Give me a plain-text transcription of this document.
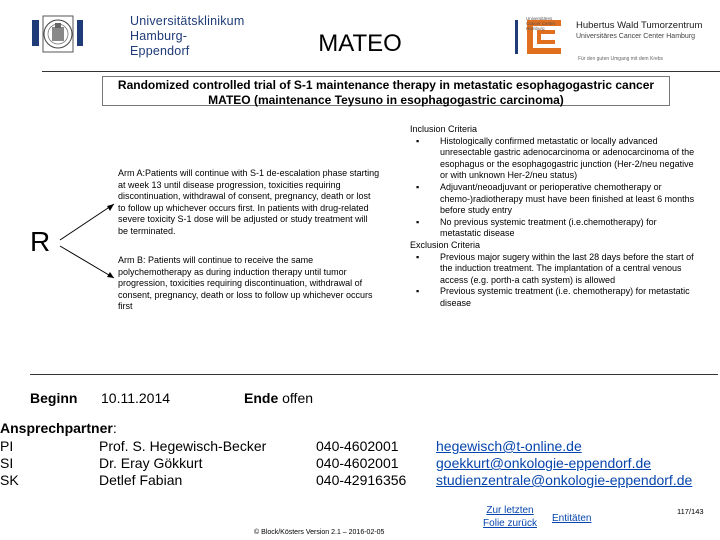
Universitätsklinikum
Hamburg-Eppendorf	MATEO
Universitäres Cancer Center Hamburg	Hubertus Wald Tumorzentrum
Universitäres Cancer Center Hamburg
Für den guten Umgang mit dem Krebs
Randomized controlled trial of S-1 maintenance therapy in metastatic esophagogastric cancer
MATEO (maintenance Teysuno in esophagogastric carcinoma)
R
Arm A:Patients will continue with S-1 de-escalation phase starting at week 13 until disease progression, toxicities requiring discontinuation, withdrawal of consent, pregnancy, death or lost to follow up whichever occurs first. In patients with drug-related severe toxicity S-1 dose will be adjusted or study treatment will be terminated.
Arm B: Patients will continue to receive the same polychemotherapy as during induction therapy until tumor progression, toxicities requiring discontinuation, withdrawal of consent, pregnancy, death or loss to follow up whichever occurs first
Inclusion Criteria
▪ Histologically confirmed metastatic or locally advanced unresectable gastric adenocarcinoma or adenocarcinoma of the esophagus or the esophagogastric junction (Her-2/neu negative or with unknown Her-2/neu status)
▪ Adjuvant/neoadjuvant or perioperative chemotherapy or chemo-)radiotherapy must have been finished at least 6 months before study entry
▪ No previous systemic treatment (i.e.chemotherapy) for metastatic disease
Exclusion Criteria
▪ Previous major sugery within the last 28 days before the start of the induction treatment. The implantation of a central venous access (e.g. porth-a cath system) is allowed
▪ Previous systemic treatment (i.e. chemotherapy) for metastatic disease
Beginn 10.11.2014	Ende offen
Ansprechpartner:
PI	Prof. S. Hegewisch-Becker	040-4602001	hegewisch@t-online.de
SI	Dr. Eray Gökkurt	040-4602001	goekkurt@onkologie-eppendorf.de
SK	Detlef Fabian	040-42916356 studienzentrale@onkologie-eppendorf.de
Zur letzten
Folie zurück	Entitäten
117/143
© Block/Kösters Version 2.1 – 2016-02-05
